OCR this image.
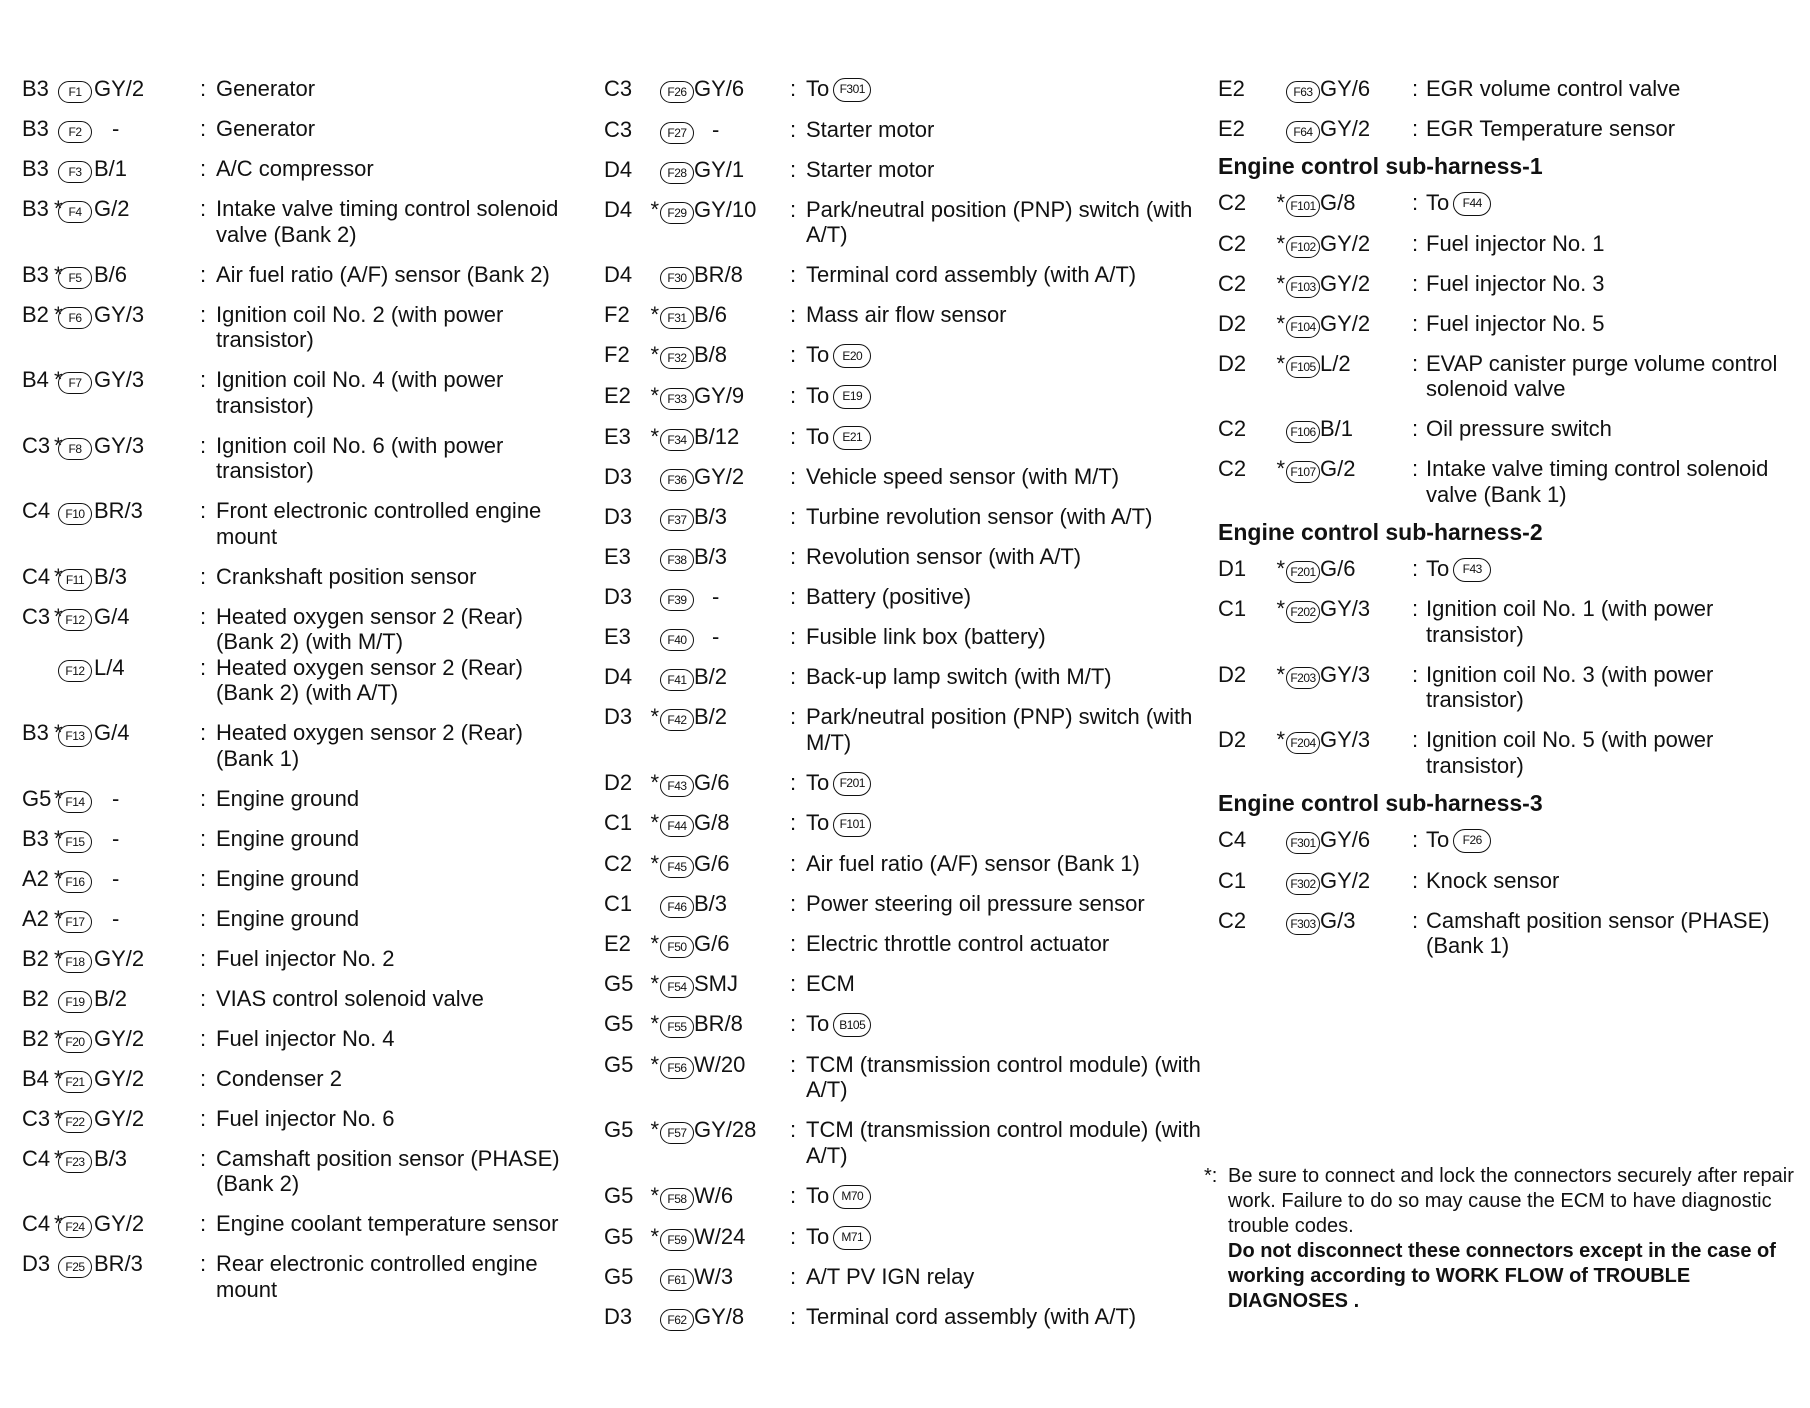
B3	F1 GY/2	: Generator
B3	F2	-	: Generator
B3	F3 B/1	: A/C compressor
B3 * F4 G/2	: Intake valve timing control solenoid valve (Bank 2)
B3 * F5 B/6	: Air fuel ratio (A/F) sensor (Bank 2)
B2 * F6 GY/3	: Ignition coil No. 2 (with power transistor)
B4 * F7 GY/3	: Ignition coil No. 4 (with power transistor)
C3 * F8 GY/3	: Ignition coil No. 6 (with power transistor)
C4	F10 BR/3	: Front electronic controlled engine mount
C4 * F11 B/3	: Crankshaft position sensor
C3 * F12 G/4	: Heated oxygen sensor 2 (Rear) (Bank 2) (with M/T)
F12 L/4	: Heated oxygen sensor 2 (Rear) (Bank 2) (with A/T)
B3 * F13 G/4	: Heated oxygen sensor 2 (Rear) (Bank 1)
G5 * F14	-	: Engine ground
B3 * F15	-	: Engine ground
A2 * F16	-	: Engine ground
A2 * F17	-	: Engine ground
B2 * F18 GY/2	: Fuel injector No. 2
B2	F19 B/2	: VIAS control solenoid valve
B2 * F20 GY/2	: Fuel injector No. 4
B4 * F21 GY/2	: Condenser 2
C3 * F22 GY/2	: Fuel injector No. 6
C4 * F23 B/3	: Camshaft position sensor (PHASE) (Bank 2)
C4 * F24 GY/2	: Engine coolant temperature sensor
D3	F25 BR/3	: Rear electronic controlled engine mount
C3	F26 GY/6	: To F301
C3	F27	-	: Starter motor
D4	F28 GY/1	: Starter motor
D4 * F29 GY/10	: Park/neutral position (PNP) switch (with A/T)
D4	F30 BR/8	: Terminal cord assembly (with A/T)
F2 * F31 B/6	: Mass air flow sensor
F2 * F32 B/8	: To E20
E2 * F33 GY/9	: To E19
E3 * F34 B/12	: To E21
D3	F36 GY/2	: Vehicle speed sensor (with M/T)
D3	F37 B/3	: Turbine revolution sensor (with A/T)
E3	F38 B/3	: Revolution sensor (with A/T)
D3	F39	-	: Battery (positive)
E3	F40	-	: Fusible link box (battery)
D4	F41 B/2	: Back-up lamp switch (with M/T)
D3 * F42 B/2	: Park/neutral position (PNP) switch (with M/T)
D2 * F43 G/6	: To F201
C1 * F44 G/8	: To F101
C2 * F45 G/6	: Air fuel ratio (A/F) sensor (Bank 1)
C1	F46 B/3	: Power steering oil pressure sensor
E2 * F50 G/6	: Electric throttle control actuator
G5 * F54 SMJ	: ECM
G5 * F55 BR/8	: To B105
G5 * F56 W/20	: TCM (transmission control module) (with A/T)
G5 * F57 GY/28	: TCM (transmission control module) (with A/T)
G5 * F58 W/6	: To M70
G5 * F59 W/24	: To M71
G5	F61 W/3	: A/T PV IGN relay
D3	F62 GY/8	: Terminal cord assembly (with A/T)
E2	F63 GY/6	: EGR volume control valve
E2	F64 GY/2	: EGR Temperature sensor
Engine control sub-harness-1
C2	* F101 G/8	: To F44
C2	* F102 GY/2	: Fuel injector No. 1
C2	* F103 GY/2	: Fuel injector No. 3
D2	* F104 GY/2	: Fuel injector No. 5
D2	* F105 L/2	: EVAP canister purge volume control solenoid valve
C2	F106 B/1	: Oil pressure switch
C2	* F107 G/2	: Intake valve timing control solenoid valve (Bank 1)
Engine control sub-harness-2
D1	* F201 G/6	: To F43
C1	* F202 GY/3	: Ignition coil No. 1 (with power transistor)
D2	* F203 GY/3	: Ignition coil No. 3 (with power transistor)
D2	* F204 GY/3	: Ignition coil No. 5 (with power transistor)
Engine control sub-harness-3
C4	F301 GY/6	: To F26
C1	F302 GY/2	: Knock sensor
C2	F303 G/3	: Camshaft position sensor (PHASE) (Bank 1)
*: Be sure to connect and lock the connectors securely after repair work. Failure to do so may cause the ECM to have diagnostic trouble codes.
Do not disconnect these connectors except in the case of working according to WORK FLOW of TROUBLE DIAGNOSES .
